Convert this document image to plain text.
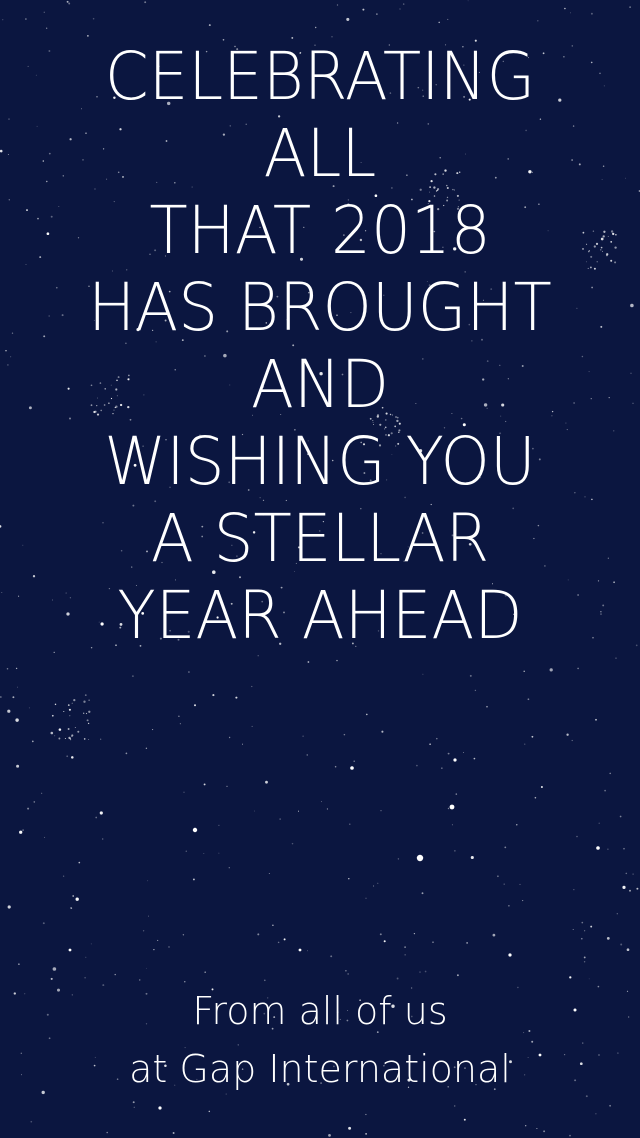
CELEBRATING
ALL
THAT 2018
HAS BROUGHT
AND
WISHING YOU
A STELLAR
YEAR AHEAD
From all of us
at Gap International
